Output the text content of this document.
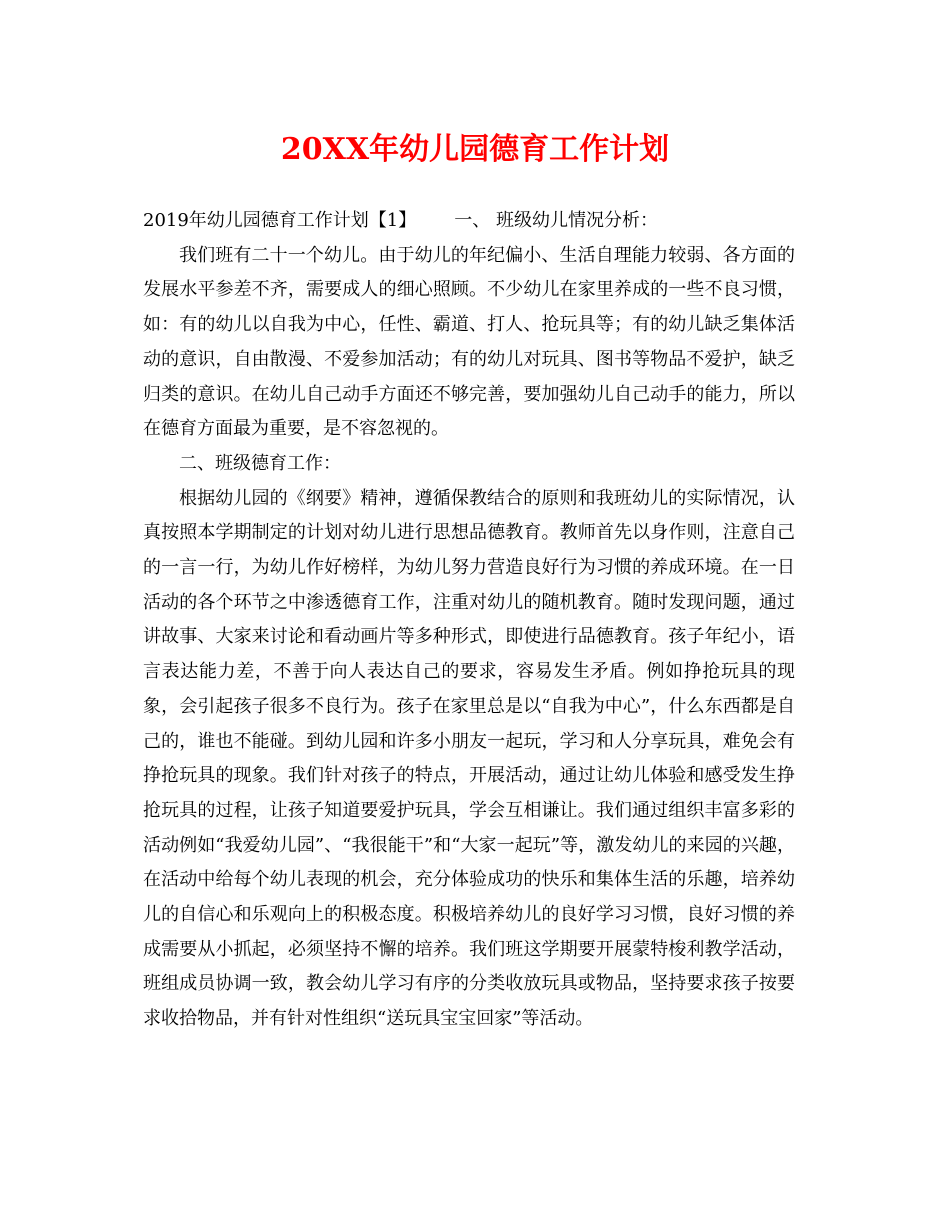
20XX年幼儿园德育工作计划

2019年幼儿园德育工作计划【1】 一、 班级幼儿情况分析：

我们班有二十一个幼儿。由于幼儿的年纪偏小、生活自理能力较弱、各方面的发展水平参差不齐，需要成人的细心照顾。不少幼儿在家里养成的一些不良习惯，如：有的幼儿以自我为中心，任性、霸道、打人、抢玩具等；有的幼儿缺乏集体活动的意识，自由散漫、不爱参加活动；有的幼儿对玩具、图书等物品不爱护，缺乏归类的意识。在幼儿自己动手方面还不够完善，要加强幼儿自己动手的能力，所以在德育方面最为重要，是不容忽视的。

二、班级德育工作：

根据幼儿园的《纲要》精神，遵循保教结合的原则和我班幼儿的实际情况，认真按照本学期制定的计划对幼儿进行思想品德教育。教师首先以身作则，注意自己的一言一行，为幼儿作好榜样，为幼儿努力营造良好行为习惯的养成环境。在一日活动的各个环节之中渗透德育工作，注重对幼儿的随机教育。随时发现问题，通过讲故事、大家来讨论和看动画片等多种形式，即使进行品德教育。孩子年纪小，语言表达能力差，不善于向人表达自己的要求，容易发生矛盾。例如挣抢玩具的现象，会引起孩子很多不良行为。孩子在家里总是以“自我为中心”，什么东西都是自己的，谁也不能碰。到幼儿园和许多小朋友一起玩，学习和人分享玩具，难免会有挣抢玩具的现象。我们针对孩子的特点，开展活动，通过让幼儿体验和感受发生挣抢玩具的过程，让孩子知道要爱护玩具，学会互相谦让。我们通过组织丰富多彩的活动例如“我爱幼儿园”、“我很能干”和“大家一起玩”等，激发幼儿的来园的兴趣，在活动中给每个幼儿表现的机会，充分体验成功的快乐和集体生活的乐趣，培养幼儿的自信心和乐观向上的积极态度。积极培养幼儿的良好学习习惯，良好习惯的养成需要从小抓起，必须坚持不懈的培养。我们班这学期要开展蒙特梭利教学活动，班组成员协调一致，教会幼儿学习有序的分类收放玩具或物品，坚持要求孩子按要求收拾物品，并有针对性组织“送玩具宝宝回家”等活动。
